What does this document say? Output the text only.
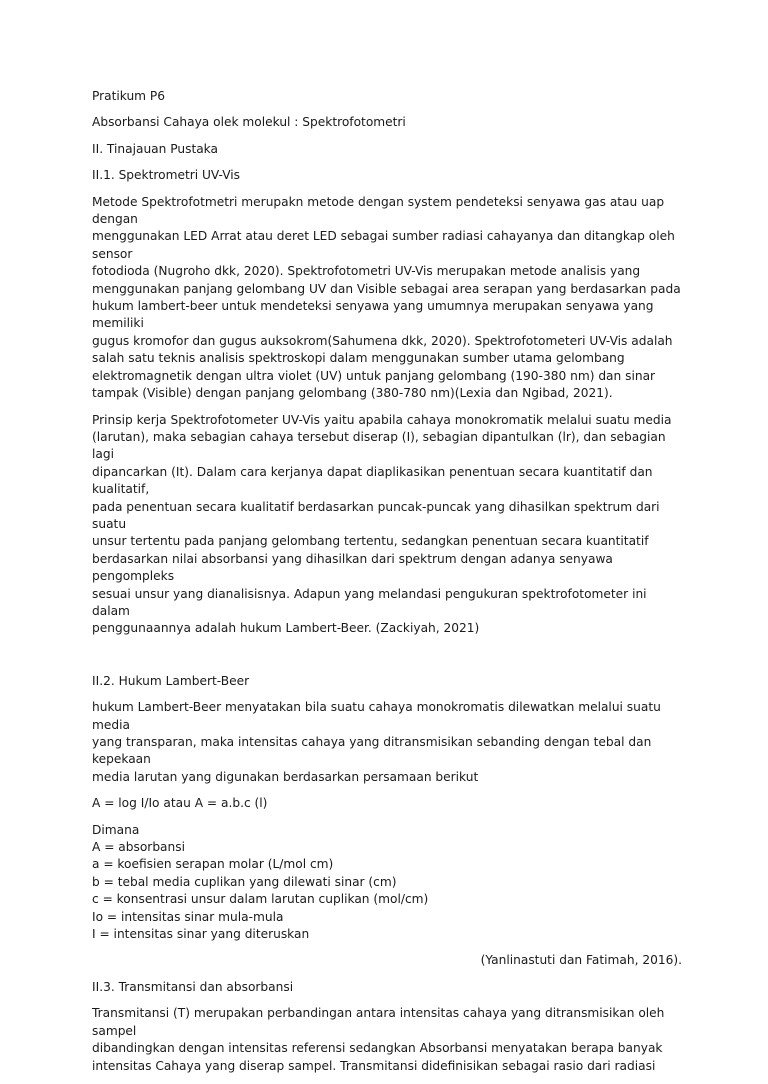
Pratikum P6
Absorbansi Cahaya olek molekul : Spektrofotometri
II. Tinajauan Pustaka
II.1. Spektrometri UV-Vis
Metode Spektrofotmetri merupakn metode dengan system pendeteksi senyawa gas atau uap dengan
menggunakan LED Arrat atau deret LED sebagai sumber radiasi cahayanya dan ditangkap oleh sensor
fotodioda (Nugroho dkk, 2020). Spektrofotometri UV-Vis merupakan metode analisis yang
menggunakan panjang gelombang UV dan Visible sebagai area serapan yang berdasarkan pada
hukum lambert-beer untuk mendeteksi senyawa yang umumnya merupakan senyawa yang memiliki
gugus kromofor dan gugus auksokrom(Sahumena dkk, 2020). Spektrofotometeri UV-Vis adalah
salah satu teknis analisis spektroskopi dalam menggunakan sumber utama gelombang
elektromagnetik dengan ultra violet (UV) untuk panjang gelombang (190-380 nm) dan sinar
tampak (Visible) dengan panjang gelombang (380-780 nm)(Lexia dan Ngibad, 2021).
Prinsip kerja Spektrofotometer UV-Vis yaitu apabila cahaya monokromatik melalui suatu media
(larutan), maka sebagian cahaya tersebut diserap (I), sebagian dipantulkan (lr), dan sebagian lagi
dipancarkan (It). Dalam cara kerjanya dapat diaplikasikan penentuan secara kuantitatif dan kualitatif,
pada penentuan secara kualitatif berdasarkan puncak-puncak yang dihasilkan spektrum dari suatu
unsur tertentu pada panjang gelombang tertentu, sedangkan penentuan secara kuantitatif
berdasarkan nilai absorbansi yang dihasilkan dari spektrum dengan adanya senyawa pengompleks
sesuai unsur yang dianalisisnya. Adapun yang melandasi pengukuran spektrofotometer ini dalam
penggunaannya adalah hukum Lambert-Beer. (Zackiyah, 2021)
II.2. Hukum Lambert-Beer
hukum Lambert-Beer menyatakan bila suatu cahaya monokromatis dilewatkan melalui suatu media
yang transparan, maka intensitas cahaya yang ditransmisikan sebanding dengan tebal dan kepekaan
media larutan yang digunakan berdasarkan persamaan berikut
A = log I/Io atau A = a.b.c (l)
Dimana
A = absorbansi
a = koefisien serapan molar (L/mol cm)
b = tebal media cuplikan yang dilewati sinar (cm)
c = konsentrasi unsur dalam larutan cuplikan (mol/cm)
Io = intensitas sinar mula-mula
I = intensitas sinar yang diteruskan
(Yanlinastuti dan Fatimah, 2016).
II.3. Transmitansi dan absorbansi
Transmitansi (T) merupakan perbandingan antara intensitas cahaya yang ditransmisikan oleh sampel
dibandingkan dengan intensitas referensi sedangkan Absorbansi menyatakan berapa banyak
intensitas Cahaya yang diserap sampel. Transmitansi didefinisikan sebagai rasio dari radiasi
